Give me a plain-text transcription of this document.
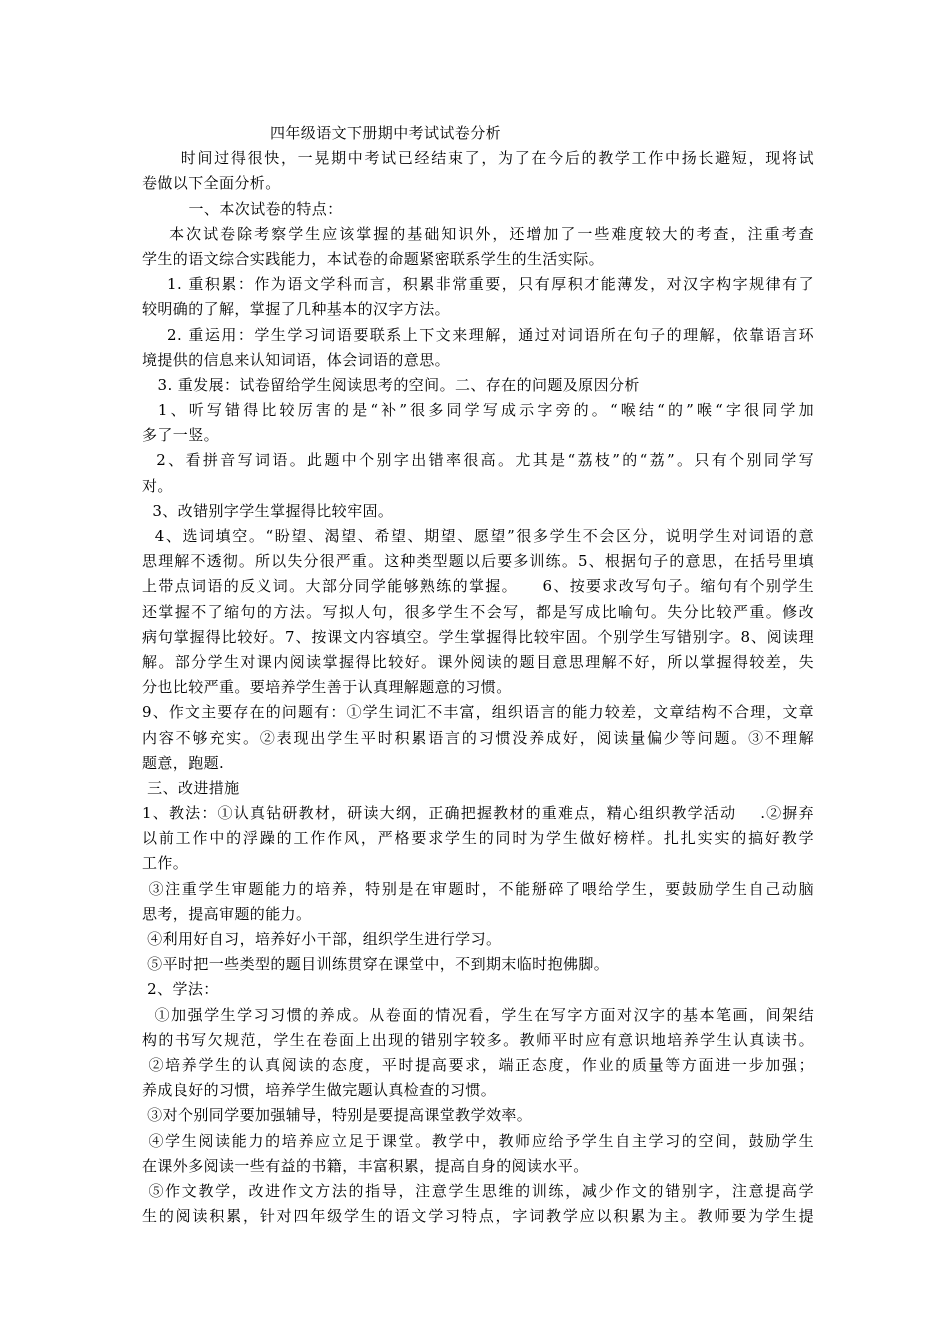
四年级语文下册期中考试试卷分析
时间过得很快，一晃期中考试已经结束了，为了在今后的教学工作中扬长避短，现将试
卷做以下全面分析。
一、本次试卷的特点：
本次试卷除考察学生应该掌握的基础知识外，还增加了一些难度较大的考查，注重考查
学生的语文综合实践能力，本试卷的命题紧密联系学生的生活实际。
1. 重积累：作为语文学科而言，积累非常重要，只有厚积才能薄发，对汉字构字规律有了
较明确的了解，掌握了几种基本的汉字方法。
2. 重运用：学生学习词语要联系上下文来理解，通过对词语所在句子的理解，依靠语言环
境提供的信息来认知词语，体会词语的意思。
3. 重发展：试卷留给学生阅读思考的空间。二、存在的问题及原因分析
1、听写错得比较厉害的是“补”很多同学写成示字旁的。“喉结“的”喉“字很同学加
多了一竖。
2、看拼音写词语。此题中个别字出错率很高。尤其是“荔枝”的“荔”。只有个别同学写
对。
3、改错别字学生掌握得比较牢固。
4、选词填空。“盼望、渴望、希望、期望、愿望”很多学生不会区分，说明学生对词语的意
思理解不透彻。所以失分很严重。这种类型题以后要多训练。5、根据句子的意思，在括号里填
上带点词语的反义词。大部分同学能够熟练的掌握。    6、按要求改写句子。缩句有个别学生
还掌握不了缩句的方法。写拟人句，很多学生不会写，都是写成比喻句。失分比较严重。修改
病句掌握得比较好。7、按课文内容填空。学生掌握得比较牢固。个别学生写错别字。8、阅读理
解。部分学生对课内阅读掌握得比较好。课外阅读的题目意思理解不好，所以掌握得较差，失
分也比较严重。要培养学生善于认真理解题意的习惯。
9、作文主要存在的问题有：①学生词汇不丰富，组织语言的能力较差，文章结构不合理，文章
内容不够充实。②表现出学生平时积累语言的习惯没养成好，阅读量偏少等问题。③不理解
题意，跑题.
三、改进措施
1、教法：①认真钻研教材，研读大纲，正确把握教材的重难点，精心组织教学活动    .②摒弃
以前工作中的浮躁的工作作风，严格要求学生的同时为学生做好榜样。扎扎实实的搞好教学
工作。
③注重学生审题能力的培养，特别是在审题时，不能掰碎了喂给学生，要鼓励学生自己动脑
思考，提高审题的能力。
④利用好自习，培养好小干部，组织学生进行学习。
⑤平时把一些类型的题目训练贯穿在课堂中，不到期末临时抱佛脚。
2、学法：
①加强学生学习习惯的养成。从卷面的情况看，学生在写字方面对汉字的基本笔画，间架结
构的书写欠规范，学生在卷面上出现的错别字较多。教师平时应有意识地培养学生认真读书。
②培养学生的认真阅读的态度，平时提高要求，端正态度，作业的质量等方面进一步加强；
养成良好的习惯，培养学生做完题认真检查的习惯。
③对个别同学要加强辅导，特别是要提高课堂教学效率。
④学生阅读能力的培养应立足于课堂。教学中，教师应给予学生自主学习的空间，鼓励学生
在课外多阅读一些有益的书籍，丰富积累，提高自身的阅读水平。
⑤作文教学，改进作文方法的指导，注意学生思维的训练，减少作文的错别字，注意提高学
生的阅读积累，针对四年级学生的语文学习特点，字词教学应以积累为主。教师要为学生提
